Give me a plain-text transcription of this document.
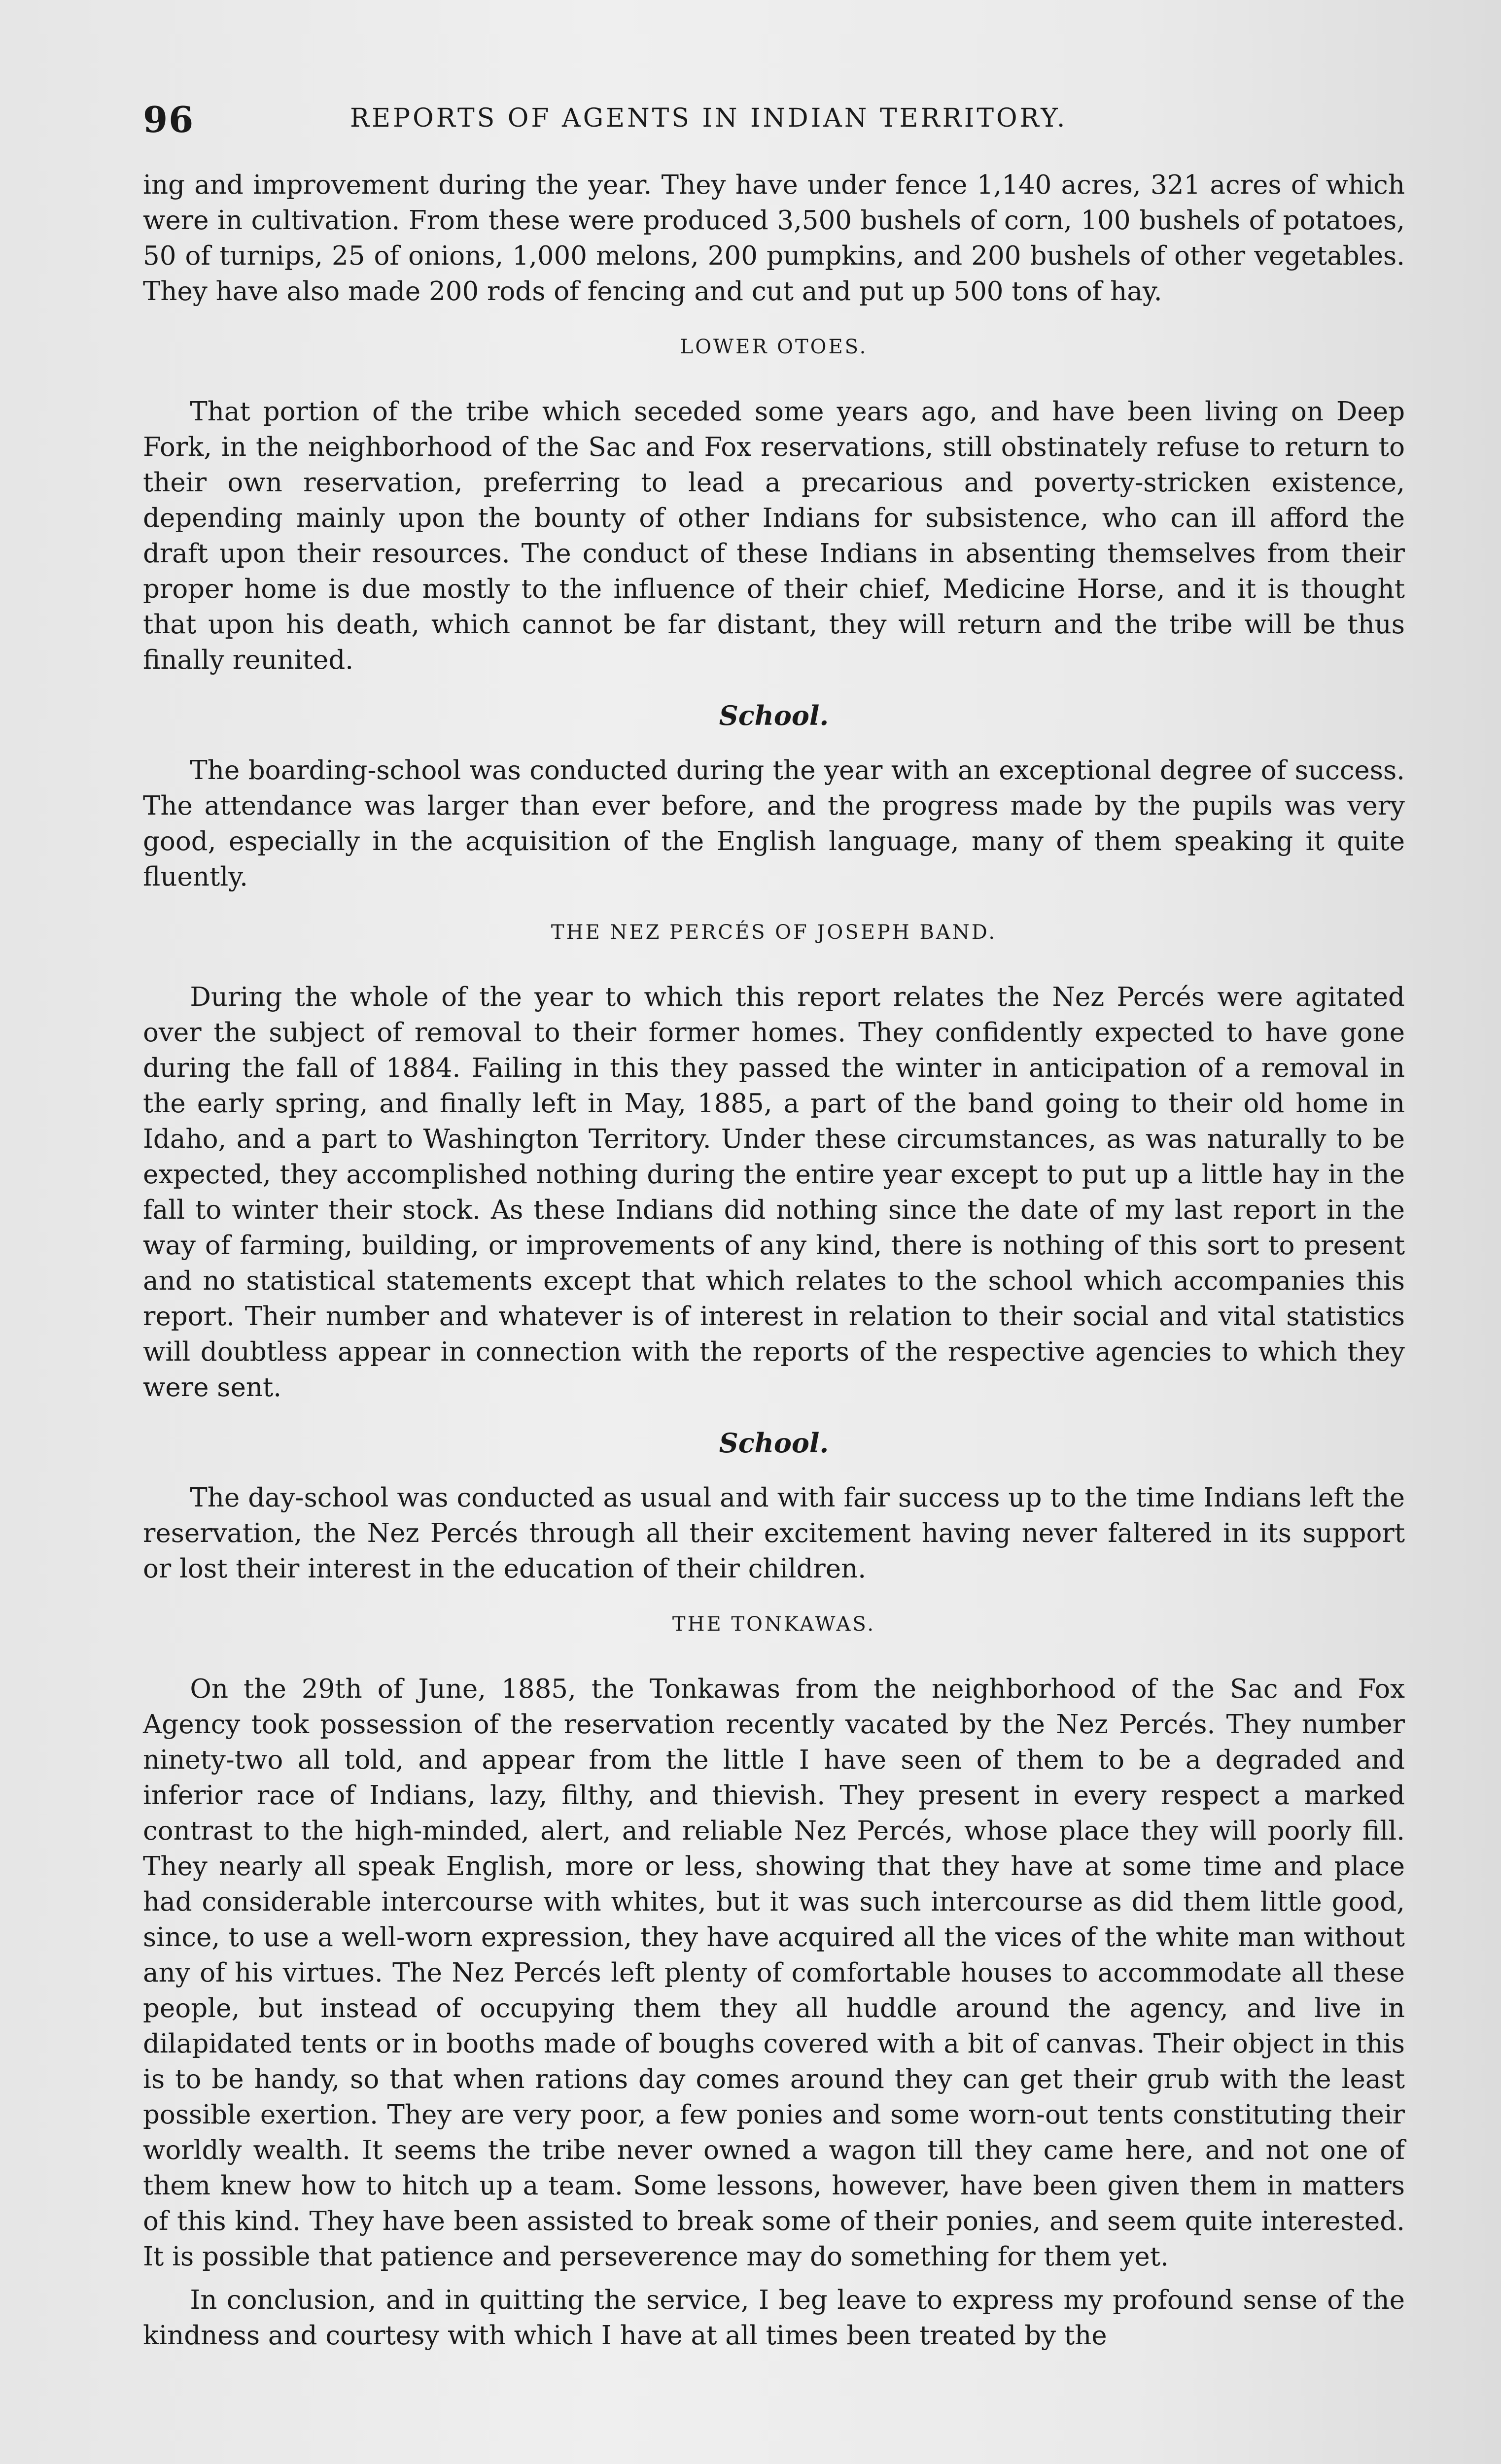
96	REPORTS OF AGENTS IN INDIAN TERRITORY.

ing and improvement during the year. They have under fence 1,140 acres, 321 acres of which were in cultivation. From these were produced 3,500 bushels of corn, 100 bushels of potatoes, 50 of turnips, 25 of onions, 1,000 melons, 200 pumpkins, and 200 bushels of other vegetables. They have also made 200 rods of fencing and cut and put up 500 tons of hay.

LOWER OTOES.

That portion of the tribe which seceded some years ago, and have been living on Deep Fork, in the neighborhood of the Sac and Fox reservations, still obstinately refuse to return to their own reservation, preferring to lead a precarious and poverty-stricken existence, depending mainly upon the bounty of other Indians for subsistence, who can ill afford the draft upon their resources. The conduct of these Indians in absenting themselves from their proper home is due mostly to the influence of their chief, Medicine Horse, and it is thought that upon his death, which cannot be far distant, they will return and the tribe will be thus finally reunited.

School.

The boarding-school was conducted during the year with an exceptional degree of success. The attendance was larger than ever before, and the progress made by the pupils was very good, especially in the acquisition of the English language, many of them speaking it quite fluently.

THE NEZ PERCÉS OF JOSEPH BAND.

During the whole of the year to which this report relates the Nez Percés were agitated over the subject of removal to their former homes. They confidently expected to have gone during the fall of 1884. Failing in this they passed the winter in anticipation of a removal in the early spring, and finally left in May, 1885, a part of the band going to their old home in Idaho, and a part to Washington Territory. Under these circumstances, as was naturally to be expected, they accomplished nothing during the entire year except to put up a little hay in the fall to winter their stock. As these Indians did nothing since the date of my last report in the way of farming, building, or improvements of any kind, there is nothing of this sort to present and no statistical statements except that which relates to the school which accompanies this report. Their number and whatever is of interest in relation to their social and vital statistics will doubtless appear in connection with the reports of the respective agencies to which they were sent.

School.

The day-school was conducted as usual and with fair success up to the time Indians left the reservation, the Nez Percés through all their excitement having never faltered in its support or lost their interest in the education of their children.

THE TONKAWAS.

On the 29th of June, 1885, the Tonkawas from the neighborhood of the Sac and Fox Agency took possession of the reservation recently vacated by the Nez Percés. They number ninety-two all told, and appear from the little I have seen of them to be a degraded and inferior race of Indians, lazy, filthy, and thievish. They present in every respect a marked contrast to the high-minded, alert, and reliable Nez Percés, whose place they will poorly fill. They nearly all speak English, more or less, showing that they have at some time and place had considerable intercourse with whites, but it was such intercourse as did them little good, since, to use a well-worn expression, they have acquired all the vices of the white man without any of his virtues. The Nez Percés left plenty of comfortable houses to accommodate all these people, but instead of occupying them they all huddle around the agency, and live in dilapidated tents or in booths made of boughs covered with a bit of canvas. Their object in this is to be handy, so that when rations day comes around they can get their grub with the least possible exertion. They are very poor, a few ponies and some worn-out tents constituting their worldly wealth. It seems the tribe never owned a wagon till they came here, and not one of them knew how to hitch up a team. Some lessons, however, have been given them in matters of this kind. They have been assisted to break some of their ponies, and seem quite interested. It is possible that patience and perseverence may do something for them yet.

In conclusion, and in quitting the service, I beg leave to express my profound sense of the kindness and courtesy with which I have at all times been treated by the
